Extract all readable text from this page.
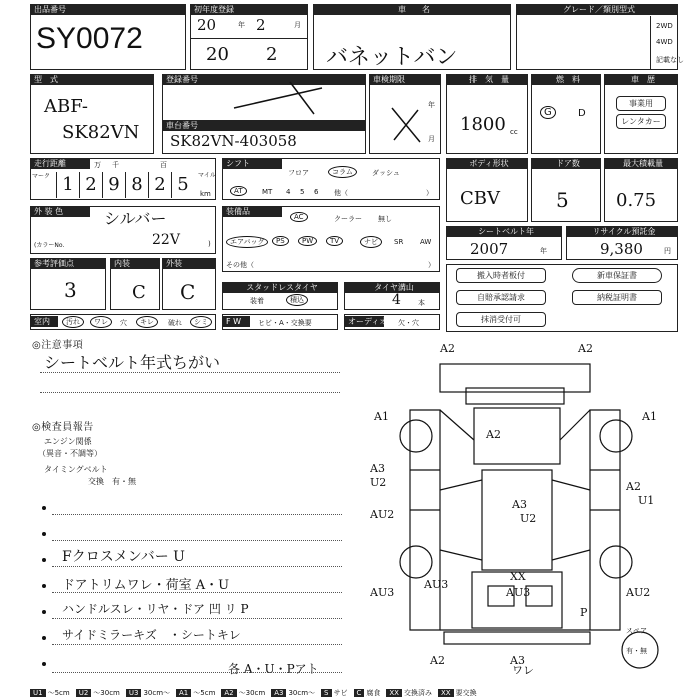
出品番号
SY0072
初年度登録
20	年 2	月
20 2
車　　名
バネットバン
グレード／類別型式
2WD
4WD
記載なし
型　式
ABF-
SK82VN
登録番号
車台番号
SK82VN-403058
車検期限
年
月
排　気　量
1800 cc
燃　料
G	D
車　歴
事業用
レンタカー
走行距離
マーク
万 千	百
マイル
km
1 2 9 8 2 5
シフト
フロア	コラム	ダッシュ
AT	MT 4 5 6 他（	）
ボディ形状
CBV
ドア数
5
最大積載量
0.75
外 装 色	シルバー
(カラーNo.	22V	)
装備品
AC	クーラー 無し
エアバッグ	PS	PW	TV	ナビ	SR AW
その他（	）
シートベルト年
2007	年
リサイクル預託金
9,380	円
参考評価点
3
内装
C
外装
C	スタッドレスタイヤ
装着	積込
タイヤ溝山
4 本
搬入時者板付	新車保証書
自賠承認請求	納税証明書
抹消受付可
室内	汚れ	ワレ	穴	キレ	破れ	シミ	F W	ヒビ・A・交換要	オーディオ 欠・穴
◎注意事項
シートベルト年式ちがい
◎検査員報告
エンジン関係
（異音・不調等）
タイミングベルト
交換　有・無
Fクロスメンバー U
ドアトリムワレ・荷室 A・U
ハンドルスレ・リヤ・ドア 凹 リ P
サイドミラーキズ　・シートキレ
各 A・U・Pアト
A2	A2
A1	A1
A2
A3
U2
A3
U2
A2
U1
AU2
AU3
XX
AU3
AU3
AU2
P
A2	A3
ワレ
スペア
有・無
U1 ～5cm	U2 ～30cm	U3 30cm～	A1 ～5cm	A2 ～30cm	A3 30cm～	S サビ	C 腐食	XX 交換済み	XX 要交換
